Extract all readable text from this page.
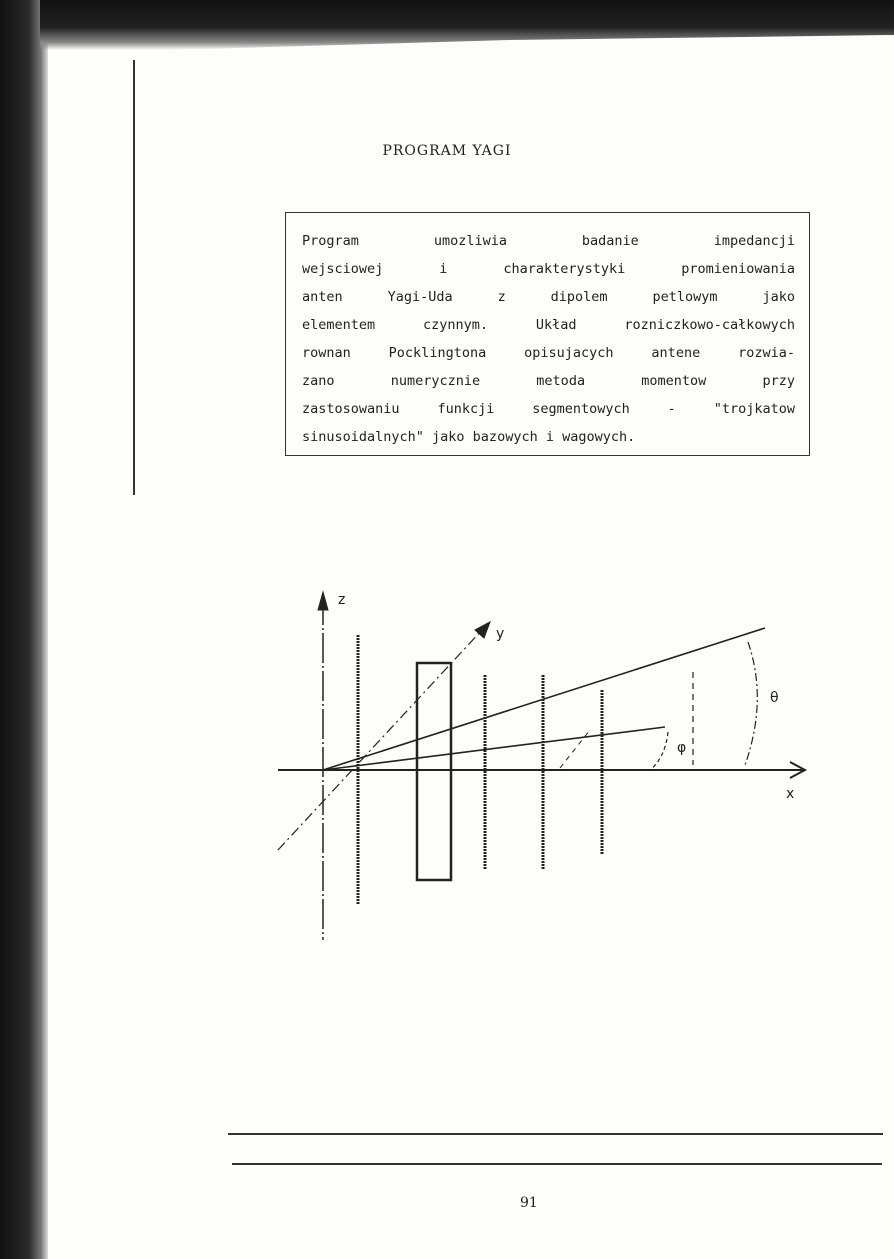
PROGRAM YAGI
Program umozliwia badanie impedancji
wejsciowej i charakterystyki promieniowania
anten Yagi-Uda z dipolem petlowym jako
elementem czynnym. Układ rozniczkowo-całkowych
rownan Pocklingtona opisujacych antene rozwia-
zano numerycznie metoda momentow przy
zastosowaniu funkcji segmentowych - "trojkatow
sinusoidalnych" jako bazowych i wagowych.
z
y
x
θ
φ
91
